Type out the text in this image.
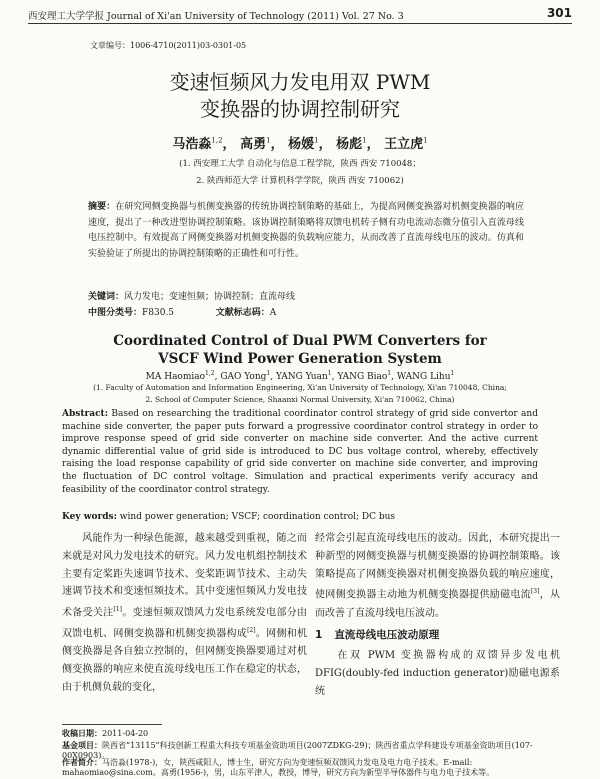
西安理工大学学报 Journal of Xi'an University of Technology (2011) Vol. 27 No. 3	301
文章编号：1006-4710(2011)03-0301-05
变速恒频风力发电用双 PWM
变换器的协调控制研究
马浩淼$^{1,2}$， 高勇$^1$， 杨媛$^1$， 杨彪$^1$， 王立虎$^1$
(1. 西安理工大学 自动化与信息工程学院，陕西 西安 710048；
2. 陕西师范大学 计算机科学学院，陕西 西安 710062)
摘要：在研究网侧变换器与机侧变换器的传统协调控制策略的基础上，为提高网侧变换器对机侧变换器的响应速度，提出了一种改进型协调控制策略。该协调控制策略将双馈电机转子侧有功电流动态微分值引入直流母线电压控制中。有效提高了网侧变换器对机侧变换器的负载响应能力，从而改善了直流母线电压的波动。仿真和实验验证了所提出的协调控制策略的正确性和可行性。
关键词：风力发电；变速恒频；协调控制；直流母线
中图分类号：F830.5	文献标志码：A
Coordinated Control of Dual PWM Converters for
VSCF Wind Power Generation System
MA Haomiao$^{1,2}$, GAO Yong$^1$, YANG Yuan$^1$, YANG Biao$^1$, WANG Lihu$^1$
(1. Faculty of Automation and Information Engineering, Xi'an University of Technology, Xi'an 710048, China;
2. School of Computer Science, Shaanxi Normal University, Xi'an 710062, China)
Abstract: Based on researching the traditional coordinator control strategy of grid side convertor and machine side converter, the paper puts forward a progressive coordinator control strategy in order to improve response speed of grid side converter on machine side converter. And the active current dynamic differential value of grid side is introduced to DC bus voltage control, whereby, effectively raising the load response capability of grid side converter on machine side converter, and improving the fluctuation of DC control voltage. Simulation and practical experiments verify accuracy and feasibility of the coordinator control strategy.
Key words: wind power generation; VSCF; coordination control; DC bus
风能作为一种绿色能源，越来越受到重视，随之而来就是对风力发电技术的研究。风力发电机组控制技术主要有定桨距失速调节技术、变桨距调节技术、主动失速调节技术和变速恒频技术。其中变速恒频风力发电技术备受关注[1]。变速恒频双馈风力发电系统发电部分由双馈电机、网侧变换器和机侧变换器构成[2]。网侧和机侧变换器是各自独立控制的，但网侧变换器要通过对机侧变换器的响应来使直流母线电压工作在稳定的状态，由于机侧负载的变化，
经常会引起直流母线电压的波动。因此，本研究提出一种新型的网侧变换器与机侧变换器的协调控制策略。该策略提高了网侧变换器对机侧变换器负载的响应速度，使网侧变换器主动地为机侧变换器提供励磁电流[3]，从而改善了直流母线电压波动。
1 直流母线电压波动原理
在双 PWM 变换器构成的双馈异步发电机 DFIG(doubly-fed induction generator)励磁电源系统
收稿日期：2011-04-20
基金项目：陕西省“13115”科技创新工程重大科技专项基金资助项目(2007ZDKG-29)；陕西省重点学科建设专项基金资助项目(107-00X0903)。
作者简介：马浩淼(1978-)，女，陕西咸阳人，博士生，研究方向为变速恒频双馈风力发电及电力电子技术。E-mail: mahaomiao@sina.com。高勇(1956-)，男，山东平津人，教授，博导，研究方向为新型半导体器件与电力电子技术等。
